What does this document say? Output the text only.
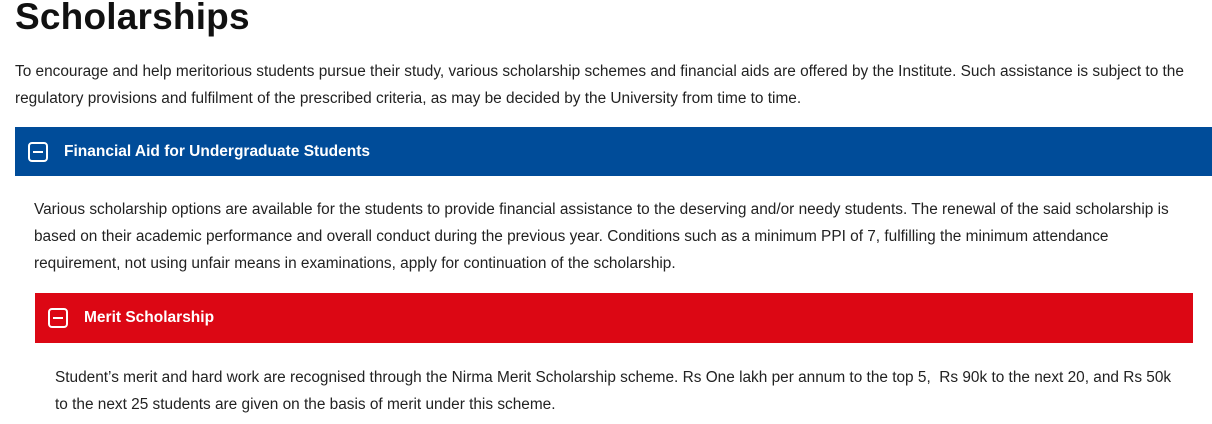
Scholarships

To encourage and help meritorious students pursue their study, various scholarship schemes and financial aids are offered by the Institute. Such assistance is subject to the regulatory provisions and fulfilment of the prescribed criteria, as may be decided by the University from time to time.

Financial Aid for Undergraduate Students

Various scholarship options are available for the students to provide financial assistance to the deserving and/or needy students. The renewal of the said scholarship is based on their academic performance and overall conduct during the previous year. Conditions such as a minimum PPI of 7, fulfilling the minimum attendance requirement, not using unfair means in examinations, apply for continuation of the scholarship.

Merit Scholarship

Student’s merit and hard work are recognised through the Nirma Merit Scholarship scheme. Rs One lakh per annum to the top 5,  Rs 90k to the next 20, and Rs 50k to the next 25 students are given on the basis of merit under this scheme.
